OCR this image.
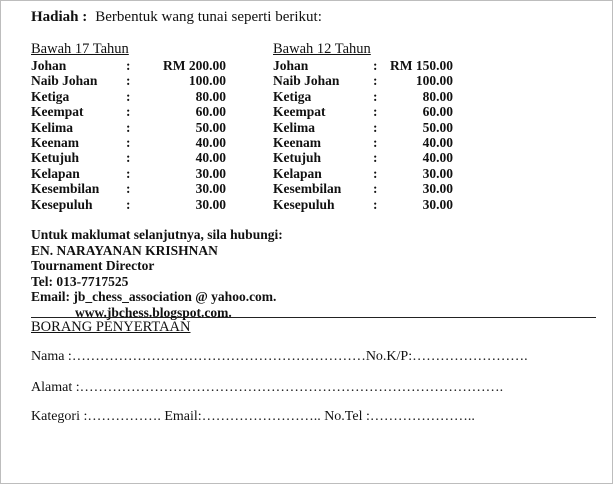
Hadiah : Berbentuk wang tunai seperti berikut:
Bawah 17 Tahun
Johan	:	RM 200.00
Naib Johan :	100.00
Ketiga	:	80.00
Keempat	:	60.00
Kelima	:	50.00
Keenam	:	40.00
Ketujuh	:	40.00
Kelapan	:	30.00
Kesembilan :	30.00
Kesepuluh :	30.00
Bawah 12 Tahun
Johan	: RM 150.00
Naib Johan :	100.00
Ketiga	:	80.00
Keempat	:	60.00
Kelima	:	50.00
Keenam	:	40.00
Ketujuh	:	40.00
Kelapan	:	30.00
Kesembilan :	30.00
Kesepuluh	:	30.00
Untuk maklumat selanjutnya, sila hubungi:
EN. NARAYANAN KRISHNAN
Tournament Director
Tel: 013-7717525
Email: jb_chess_association @ yahoo.com.
www.jbchess.blogspot.com.
BORANG PENYERTAAN
Nama :………………………………………………………No.K/P:…………………….
Alamat :……………………………………………………………………………….
Kategori :……………. Email:…………………….. No.Tel :…………………..
